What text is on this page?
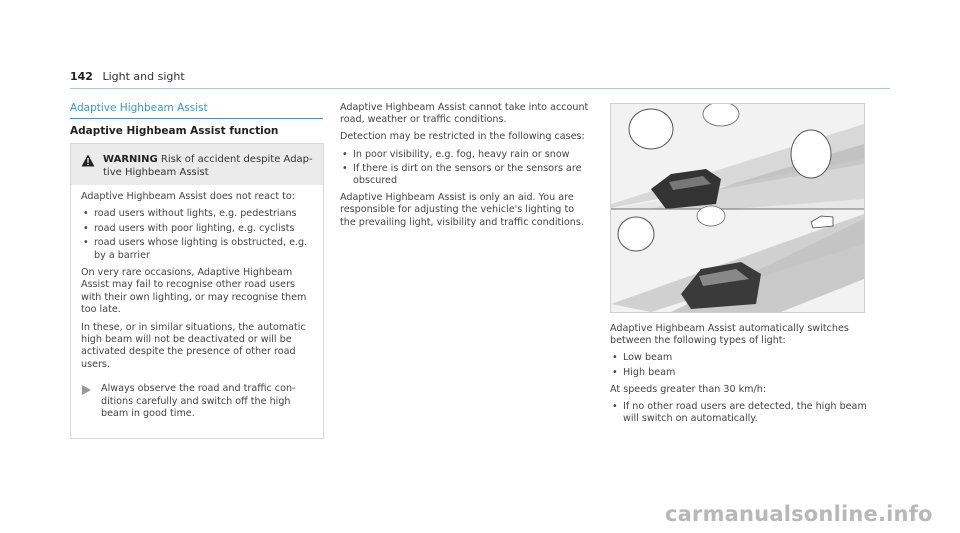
142 Light and sight
Adaptive Highbeam Assist
Adaptive Highbeam Assist function
WARNING Risk of accident despite Adap-tive Highbeam Assist

Adaptive Highbeam Assist does not react to:

• road users without lights, e.g. pedestrians
• road users with poor lighting, e.g. cyclists
• road users whose lighting is obstructed, e.g. by a barrier

On very rare occasions, Adaptive Highbeam Assist may fail to recognise other road users with their own lighting, or may recognise them too late.

In these, or in similar situations, the automatic high beam will not be deactivated or will be activated despite the presence of other road users.

Always observe the road and traffic con-ditions carefully and switch off the high beam in good time.

Adaptive Highbeam Assist cannot take into account road, weather or traffic conditions.

Detection may be restricted in the following cases:

• In poor visibility, e.g. fog, heavy rain or snow
• If there is dirt on the sensors or the sensors are obscured

Adaptive Highbeam Assist is only an aid. You are responsible for adjusting the vehicle's lighting to the prevailing light, visibility and traffic conditions.

Adaptive Highbeam Assist automatically switches between the following types of light:

• Low beam
• High beam

At speeds greater than 30 km/h:

• If no other road users are detected, the high beam will switch on automatically.
carmanualsonline.info
